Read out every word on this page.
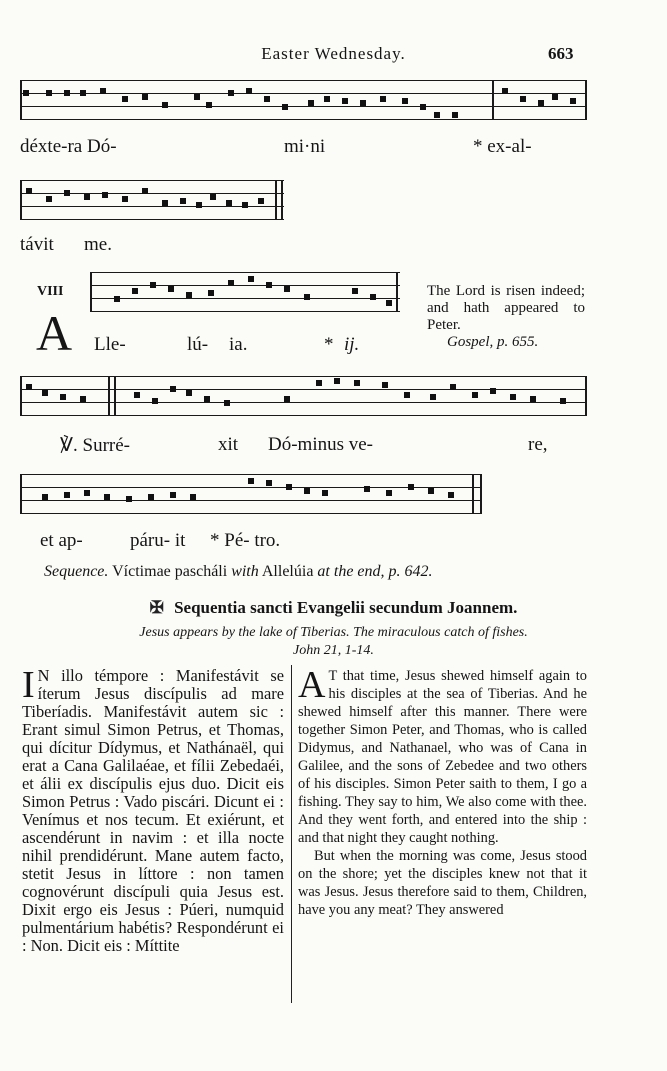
Easter Wednesday.	663
déxte-ra Dó-	mi·ni	* ex-al-
távit me.
VIII
A Lle-	lú- ia.	* ij.
The Lord is risen indeed; and hath appeared to Peter.
Gospel, p. 655.
℣. Surré-	xit Dó-minus ve-	re,
et ap- páru- it * Pé- tro.
Sequence. Víctimae pascháli with Allelúia at the end, p. 642.
✠ Sequentia sancti Evangelii secundum Joannem.
Jesus appears by the lake of Tiberias. The miraculous catch of fishes.
John 21, 1-14.
I N illo témpore : Manifestávit se íterum Jesus discípulis ad mare Tiberíadis. Manifestávit autem sic : Erant simul Simon Petrus, et Thomas, qui dícitur Dídymus, et Nathánaël, qui erat a Cana Galilaéae, et fílii Zebedaéi, et álii ex discípulis ejus duo. Dicit eis Simon Petrus : Vado piscári. Dicunt ei : Venímus et nos tecum. Et exiérunt, et ascendérunt in navim : et illa nocte nihil prendidérunt. Mane autem facto, stetit Jesus in líttore : non tamen cognovérunt discípuli quia Jesus est. Dixit ergo eis Jesus : Púeri, numquid pulmentárium habétis? Respondérunt ei : Non. Dicit eis : Míttite

A T that time, Jesus shewed himself again to his disciples at the sea of Tiberias. And he shewed himself after this manner. There were together Simon Peter, and Thomas, who is called Didymus, and Nathanael, who was of Cana in Galilee, and the sons of Zebedee and two others of his disciples. Simon Peter saith to them, I go a fishing. They say to him, We also come with thee. And they went forth, and entered into the ship : and that night they caught nothing.

But when the morning was come, Jesus stood on the shore; yet the disciples knew not that it was Jesus. Jesus therefore said to them, Children, have you any meat? They answered
